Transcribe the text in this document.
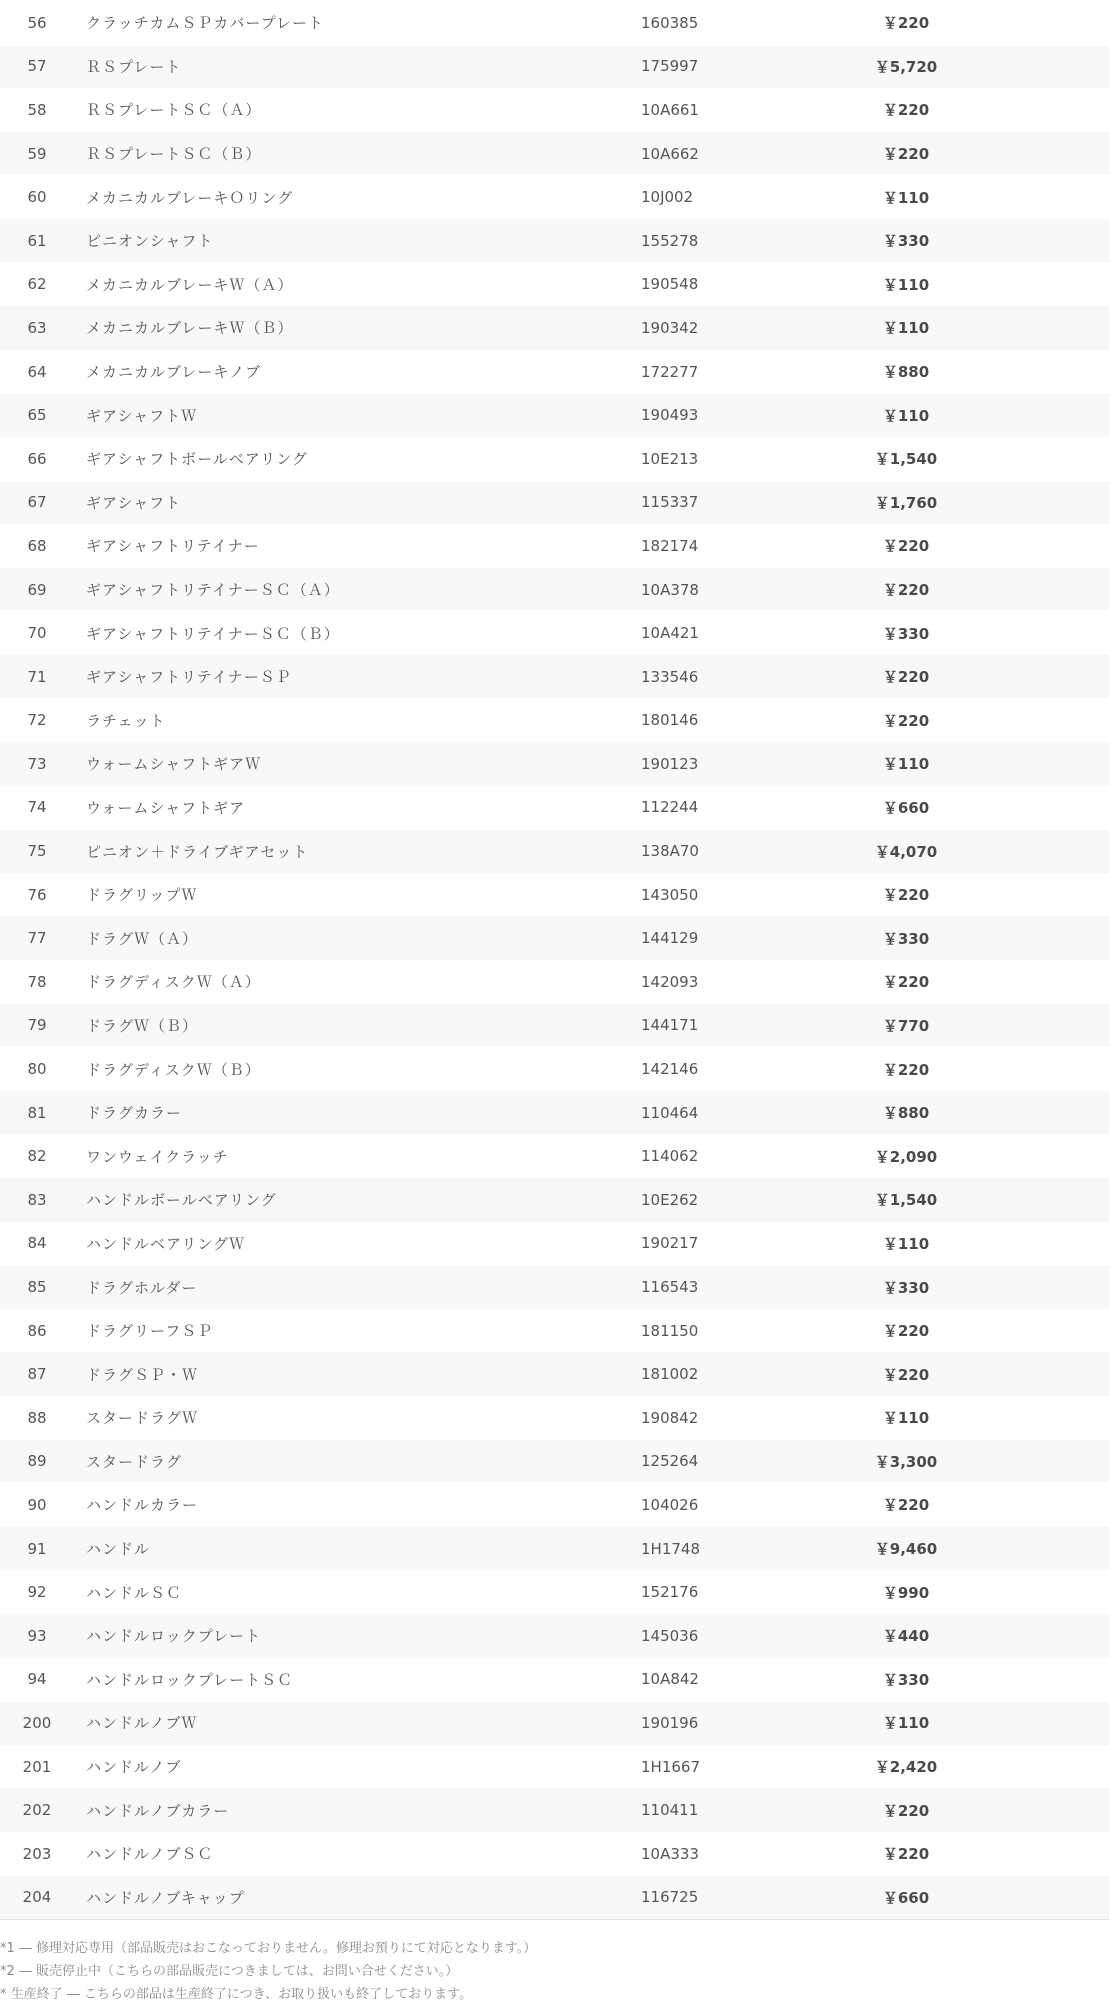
56	クラッチカムＳＰカバープレート	160385	￥220	
57	ＲＳプレート	175997	￥5,720	
58	ＲＳプレートＳＣ（Ａ）	10A661	￥220	
59	ＲＳプレートＳＣ（Ｂ）	10A662	￥220	
60	メカニカルブレーキＯリング	10J002	￥110	
61	ピニオンシャフト	155278	￥330	
62	メカニカルブレーキＷ（Ａ）	190548	￥110	
63	メカニカルブレーキＷ（Ｂ）	190342	￥110	
64	メカニカルブレーキノブ	172277	￥880	
65	ギアシャフトＷ	190493	￥110	
66	ギアシャフトボールベアリング	10E213	￥1,540	
67	ギアシャフト	115337	￥1,760	
68	ギアシャフトリテイナー	182174	￥220	
69	ギアシャフトリテイナーＳＣ（Ａ）	10A378	￥220	
70	ギアシャフトリテイナーＳＣ（Ｂ）	10A421	￥330	
71	ギアシャフトリテイナーＳＰ	133546	￥220	
72	ラチェット	180146	￥220	
73	ウォームシャフトギアＷ	190123	￥110	
74	ウォームシャフトギア	112244	￥660	
75	ピニオン＋ドライブギアセット	138A70	￥4,070	
76	ドラグリップＷ	143050	￥220	
77	ドラグＷ（Ａ）	144129	￥330	
78	ドラグディスクＷ（Ａ）	142093	￥220	
79	ドラグＷ（Ｂ）	144171	￥770	
80	ドラグディスクＷ（Ｂ）	142146	￥220	
81	ドラグカラー	110464	￥880	
82	ワンウェイクラッチ	114062	￥2,090	
83	ハンドルボールベアリング	10E262	￥1,540	
84	ハンドルベアリングＷ	190217	￥110	
85	ドラグホルダー	116543	￥330	
86	ドラグリーフＳＰ	181150	￥220	
87	ドラグＳＰ・Ｗ	181002	￥220	
88	スタードラグＷ	190842	￥110	
89	スタードラグ	125264	￥3,300	
90	ハンドルカラー	104026	￥220	
91	ハンドル	1H1748	￥9,460	
92	ハンドルＳＣ	152176	￥990	
93	ハンドルロックプレート	145036	￥440	
94	ハンドルロックプレートＳＣ	10A842	￥330	
200	ハンドルノブＷ	190196	￥110	
201	ハンドルノブ	1H1667	￥2,420	
202	ハンドルノブカラー	110411	￥220	
203	ハンドルノブＳＣ	10A333	￥220	
204	ハンドルノブキャップ	116725	￥660	
*1 ― 修理対応専用（部品販売はおこなっておりません。修理お預りにて対応となります。）
*2 ― 販売停止中（こちらの部品販売につきましては、お問い合せください。）
* 生産終了 ― こちらの部品は生産終了につき、お取り扱いも終了しております。
